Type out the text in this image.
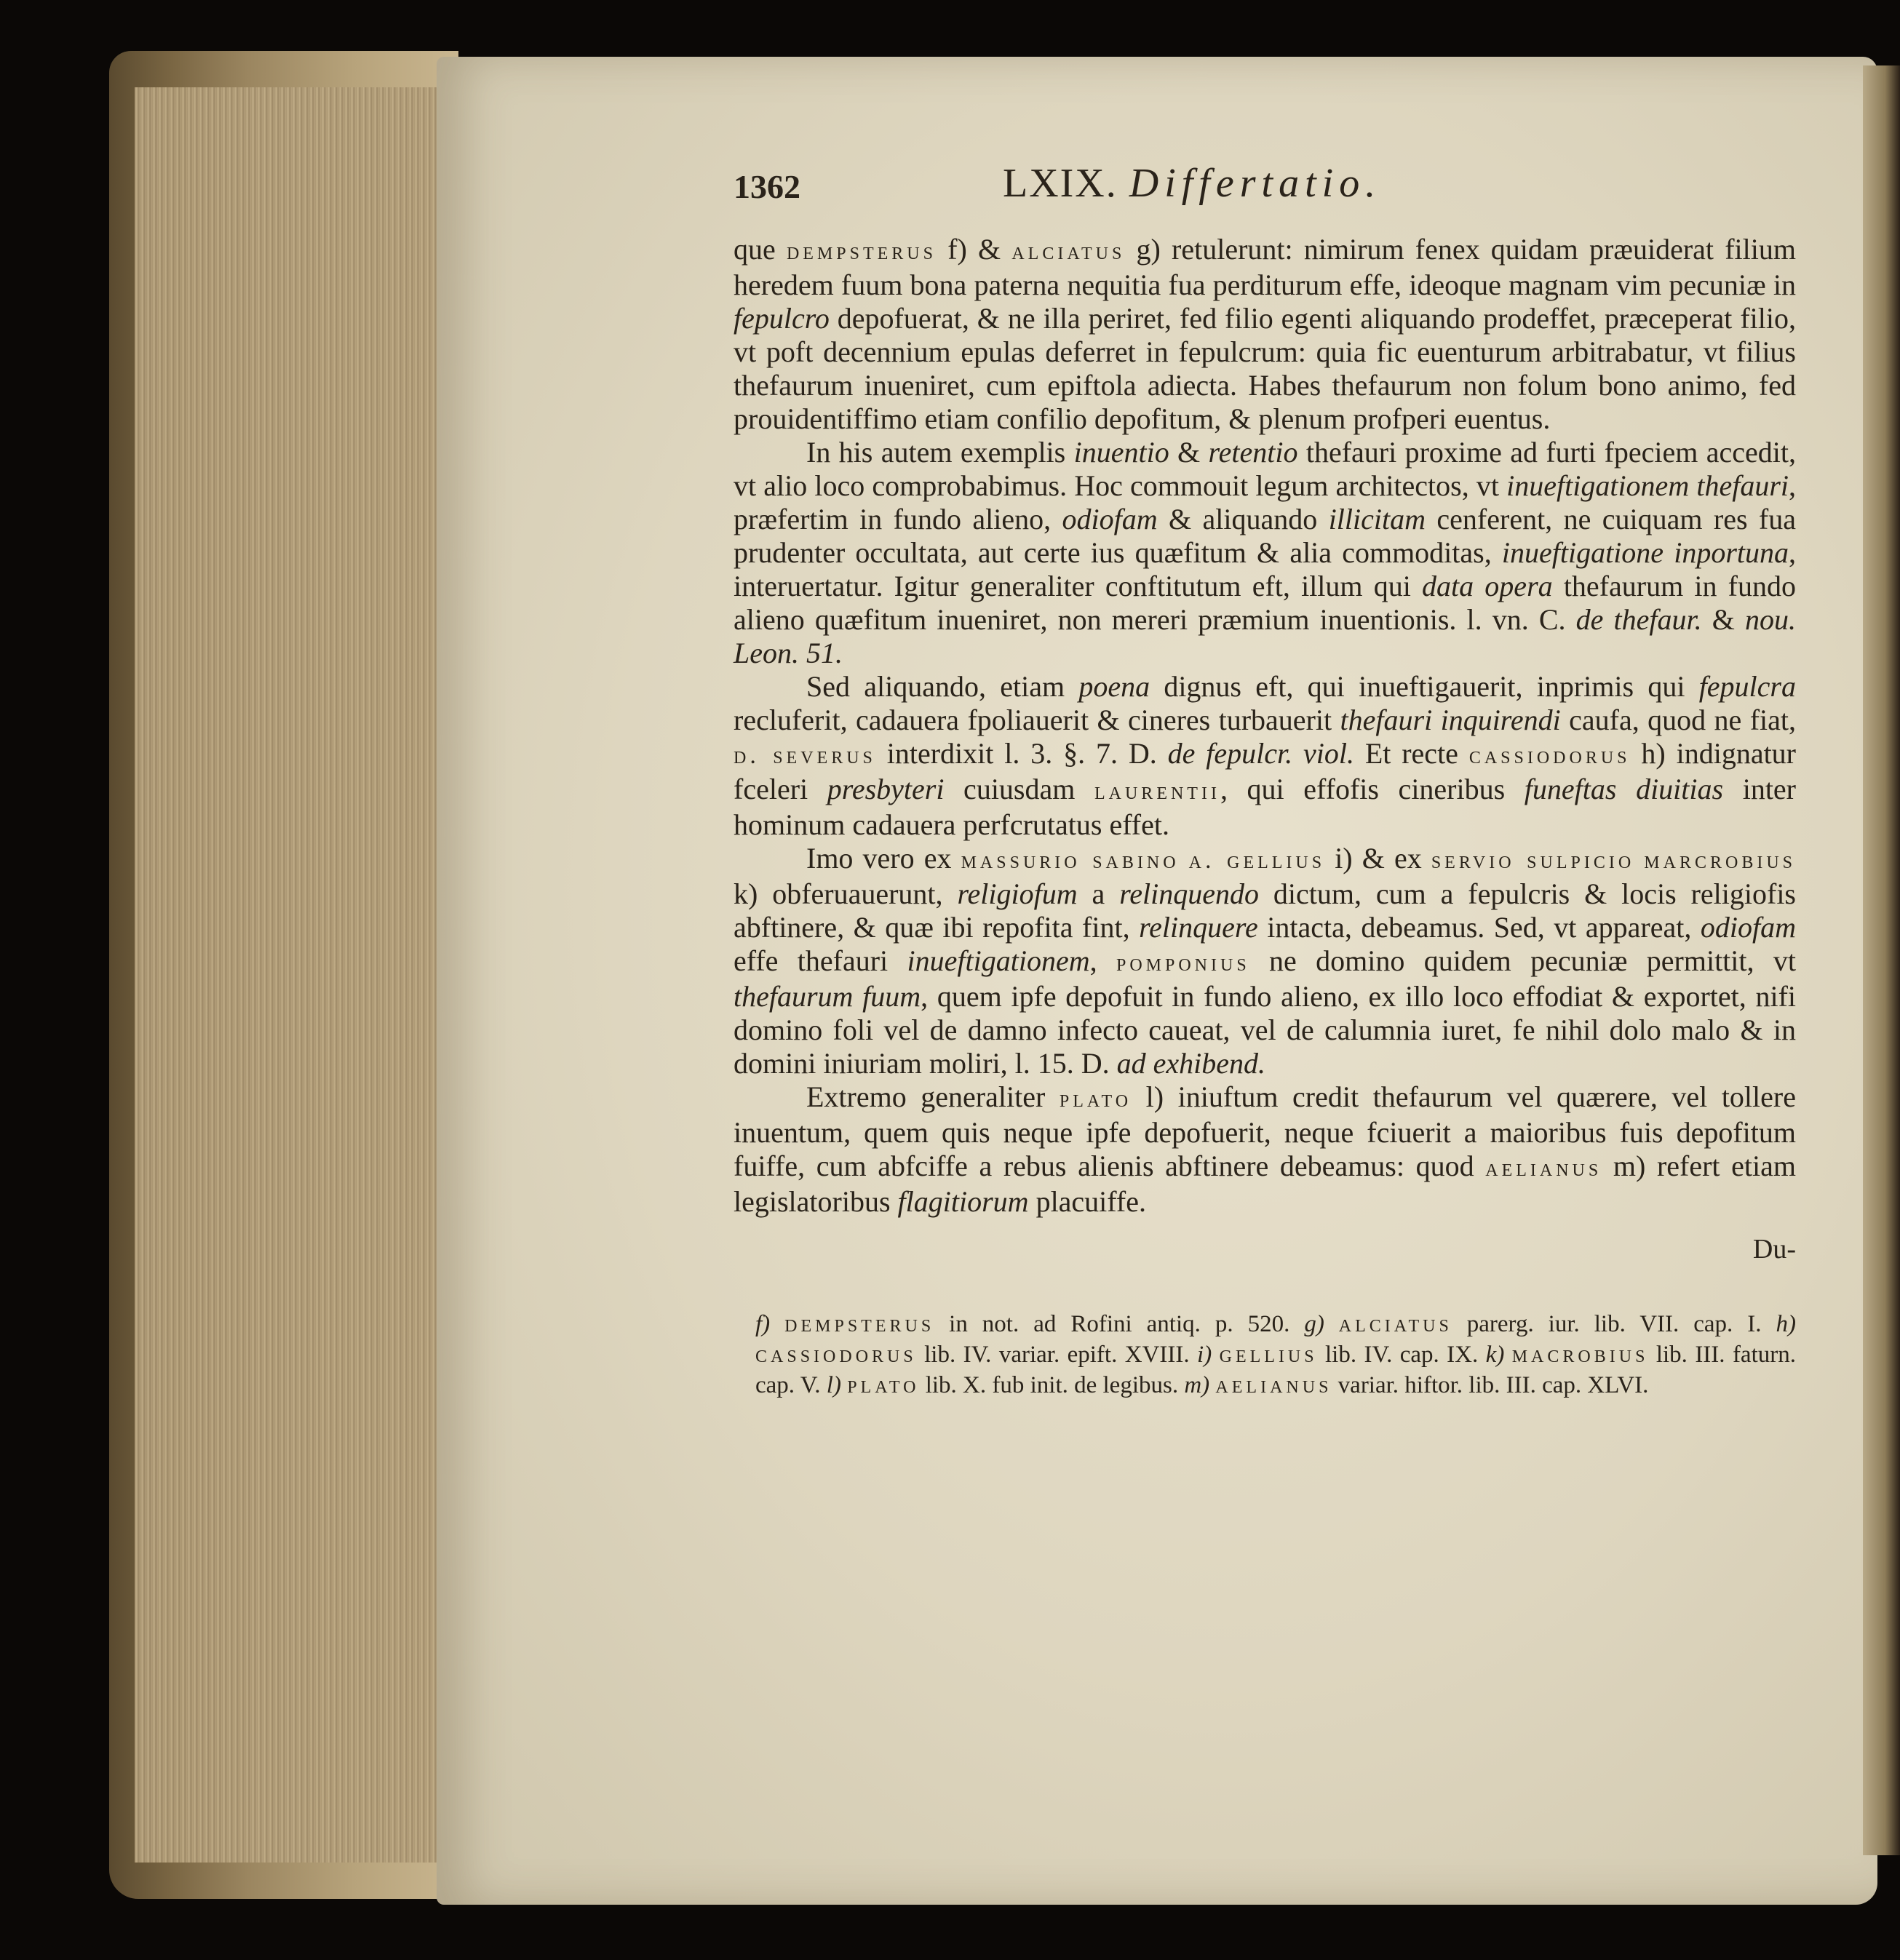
1362	LXIX. Differtatio.

que dempsterus f) & alciatus g) retulerunt: nimirum fenex quidam præuiderat filium heredem fuum bona paterna nequitia fua perditurum effe, ideoque magnam vim pecuniæ in fepulcro depofuerat, & ne illa periret, fed filio egenti aliquando prodeffet, præceperat filio, vt poft decennium epulas deferret in fepulcrum: quia fic euenturum arbitrabatur, vt filius thefaurum inueniret, cum epiftola adiecta. Habes thefaurum non folum bono animo, fed prouidentiffimo etiam confilio depofitum, & plenum profperi euentus.

In his autem exemplis inuentio & retentio thefauri proxime ad furti fpeciem accedit, vt alio loco comprobabimus. Hoc commouit legum architectos, vt inueftigationem thefauri, præfertim in fundo alieno, odiofam & aliquando illicitam cenferent, ne cuiquam res fua prudenter occultata, aut certe ius quæfitum & alia commoditas, inueftigatione inportuna, interuertatur. Igitur generaliter conftitutum eft, illum qui data opera thefaurum in fundo alieno quæfitum inueniret, non mereri præmium inuentionis. l. vn. C. de thefaur. & nou. Leon. 51.

Sed aliquando, etiam poena dignus eft, qui inueftigauerit, inprimis qui fepulcra recluferit, cadauera fpoliauerit & cineres turbauerit thefauri inquirendi caufa, quod ne fiat, d. severus interdixit l. 3. §. 7. D. de fepulcr. viol. Et recte cassiodorus h) indignatur fceleri presbyteri cuiusdam laurentii, qui effofis cineribus funeftas diuitias inter hominum cadauera perfcrutatus effet.

Imo vero ex massurio sabino a. gellius i) & ex servio sulpicio marcrobius k) obferuauerunt, religiofum a relinquendo dictum, cum a fepulcris & locis religiofis abftinere, & quæ ibi repofita fint, relinquere intacta, debeamus. Sed, vt appareat, odiofam effe thefauri inueftigationem, pomponius ne domino quidem pecuniæ permittit, vt thefaurum fuum, quem ipfe depofuit in fundo alieno, ex illo loco effodiat & exportet, nifi domino foli vel de damno infecto caueat, vel de calumnia iuret, fe nihil dolo malo & in domini iniuriam moliri, l. 15. D. ad exhibend.

Extremo generaliter plato l) iniuftum credit thefaurum vel quærere, vel tollere inuentum, quem quis neque ipfe depofuerit, neque fciuerit a maioribus fuis depofitum fuiffe, cum abfciffe a rebus alienis abftinere debeamus: quod aelianus m) refert etiam legislatoribus flagitiorum placuiffe.

Du-

f) dempsterus in not. ad Rofini antiq. p. 520. g) alciatus parerg. iur. lib. VII. cap. I. h) cassiodorus lib. IV. variar. epift. XVIII. i) gellius lib. IV. cap. IX. k) macrobius lib. III. faturn. cap. V. l) plato lib. X. fub init. de legibus. m) aelianus variar. hiftor. lib. III. cap. XLVI.
